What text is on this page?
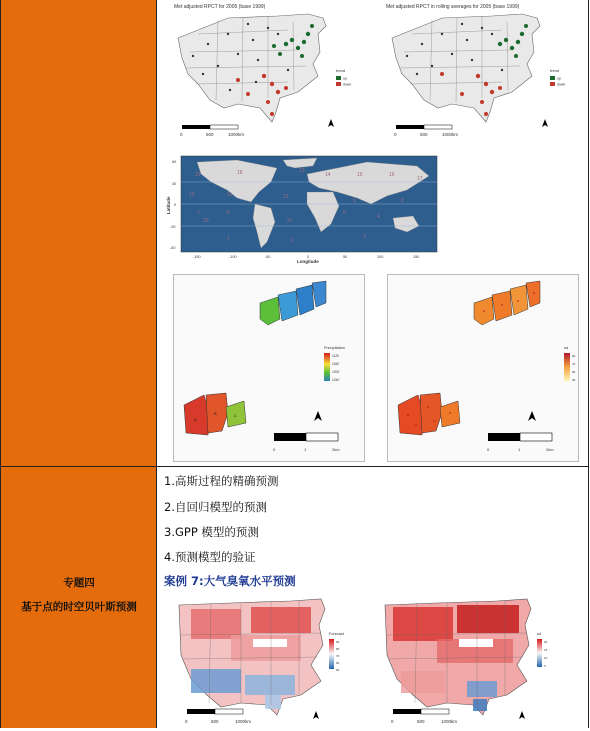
Met adjusted RPCT for 2005 (base 1999)
trend
up
down
0	500	1000km
Met adjusted RPCT in rolling averages for 2005 (base 1999)
trend
up
down
0	500	1000km
19	18	13
14	15	16
17
10	11	12
9	8
7	6
20	21
5
4
3
2
1
60
30
0
-30
-60
-150	-100	-50	0	50	100	150
Longitude
Latitude
A
B	C
Precipitation
1120
1160
1200
1240
0	1	2km
sd
90
70
50
30
0	1	2km
专题四
基于点的时空贝叶斯预测
1.高斯过程的精确预测
2.自回归模型的预测
3.GPP 模型的预测
4.预测模型的验证
案例 7:大气臭氧水平预测
Forecast
90
80
70
60
50
0	500	1000km
sd
20
15
10
5
0	500	1000km
